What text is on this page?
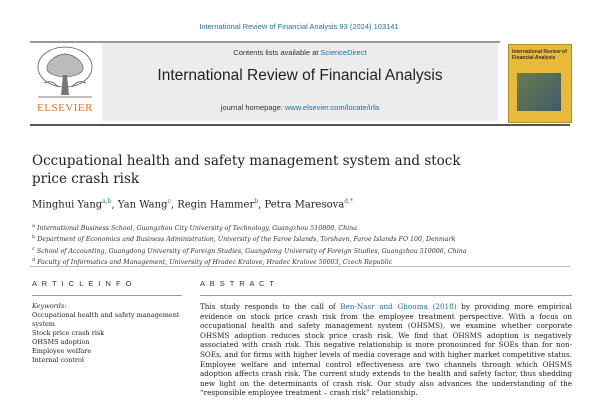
International Review of Financial Analysis 93 (2024) 103141
ELSEVIER
Contents lists available at ScienceDirect
International Review of Financial Analysis
journal homepage: www.elsevier.com/locate/irfa
International Review of Financial Analysis
Occupational health and safety management system and stock price crash risk
Minghui Yang$^{a,b}$, Yan Wang$^c$, Regin Hammer$^b$, Petra Maresova$^{d,*}$
$^a$ International Business School, Guangzhou City University of Technology, Guangzhou 510800, China
$^b$ Department of Economics and Business Administration, University of the Faroe Islands, Torshavn, Faroe Islands FO 100, Denmark
$^c$ School of Accounting, Guangdong University of Foreign Studies, Guangdong University of Foreign Studies, Guangzhou 510006, China
$^d$ Faculty of Informatics and Management, University of Hradec Kralove, Hradec Kralove 50003, Czech Republic
A R T I C L E I N F O
Keywords:
Occupational health and safety management system
Stock price crash risk
OHSMS adoption
Employee welfare
Internal control
A B S T R A C T
This study responds to the call of Ben-Nasr and Ghouma (2018) by providing more empirical evidence on stock price crash risk from the employee treatment perspective. With a focus on occupational health and safety management system (OHSMS), we examine whether corporate OHSMS adoption reduces stock price crash risk. We find that OHSMS adoption is negatively associated with crash risk. This negative relationship is more pronounced for SOEs than for non-SOEs, and for firms with higher levels of media coverage and with higher market competitive status. Employee welfare and internal control effectiveness are two channels through which OHSMS adoption affects crash risk. The current study extends to the health and safety factor, thus shedding new light on the determinants of crash risk. Our study also advances the understanding of the “responsible employee treatment – crash risk” relationship.
